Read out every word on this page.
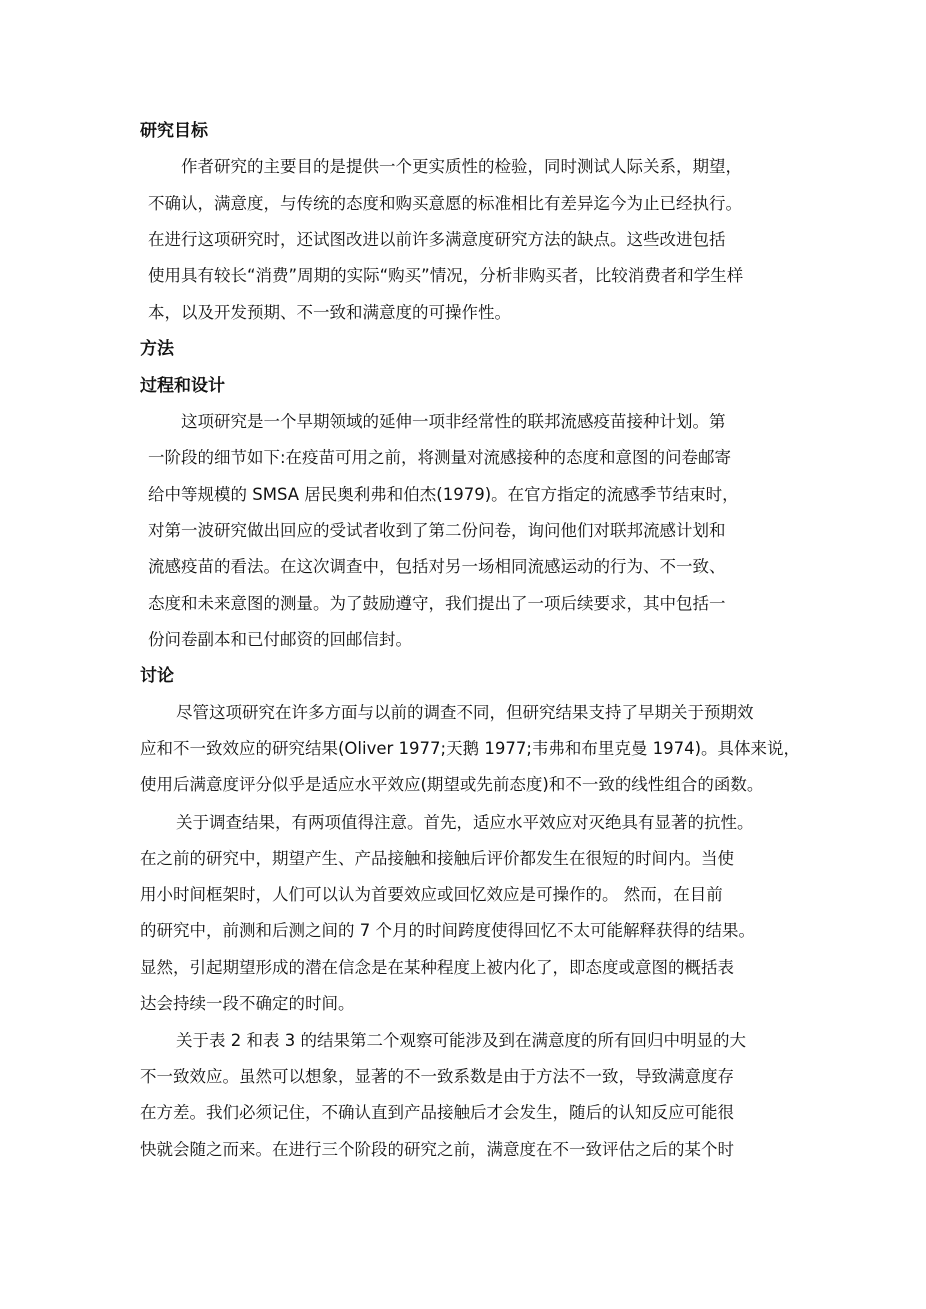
研究目标

作者研究的主要目的是提供一个更实质性的检验，同时测试人际关系，期望，

不确认，满意度，与传统的态度和购买意愿的标准相比有差异迄今为止已经执行。

在进行这项研究时，还试图改进以前许多满意度研究方法的缺点。这些改进包括

使用具有较长“消费”周期的实际“购买”情况，分析非购买者，比较消费者和学生样

本，以及开发预期、不一致和满意度的可操作性。

方法
过程和设计

这项研究是一个早期领域的延伸一项非经常性的联邦流感疫苗接种计划。第

一阶段的细节如下:在疫苗可用之前，将测量对流感接种的态度和意图的问卷邮寄

给中等规模的 SMSA 居民奥利弗和伯杰(1979)。在官方指定的流感季节结束时，

对第一波研究做出回应的受试者收到了第二份问卷，询问他们对联邦流感计划和

流感疫苗的看法。在这次调查中，包括对另一场相同流感运动的行为、不一致、

态度和未来意图的测量。为了鼓励遵守，我们提出了一项后续要求，其中包括一

份问卷副本和已付邮资的回邮信封。

讨论

尽管这项研究在许多方面与以前的调查不同，但研究结果支持了早期关于预期效

应和不一致效应的研究结果(Oliver 1977;天鹅 1977;韦弗和布里克曼 1974)。具体来说，

使用后满意度评分似乎是适应水平效应(期望或先前态度)和不一致的线性组合的函数。

关于调查结果，有两项值得注意。首先，适应水平效应对灭绝具有显著的抗性。

在之前的研究中，期望产生、产品接触和接触后评价都发生在很短的时间内。当使

用小时间框架时，人们可以认为首要效应或回忆效应是可操作的。 然而，在目前

的研究中，前测和后测之间的 7 个月的时间跨度使得回忆不太可能解释获得的结果。

显然，引起期望形成的潜在信念是在某种程度上被内化了，即态度或意图的概括表

达会持续一段不确定的时间。

关于表 2 和表 3 的结果第二个观察可能涉及到在满意度的所有回归中明显的大

不一致效应。虽然可以想象，显著的不一致系数是由于方法不一致，导致满意度存

在方差。我们必须记住，不确认直到产品接触后才会发生，随后的认知反应可能很

快就会随之而来。在进行三个阶段的研究之前，满意度在不一致评估之后的某个时
